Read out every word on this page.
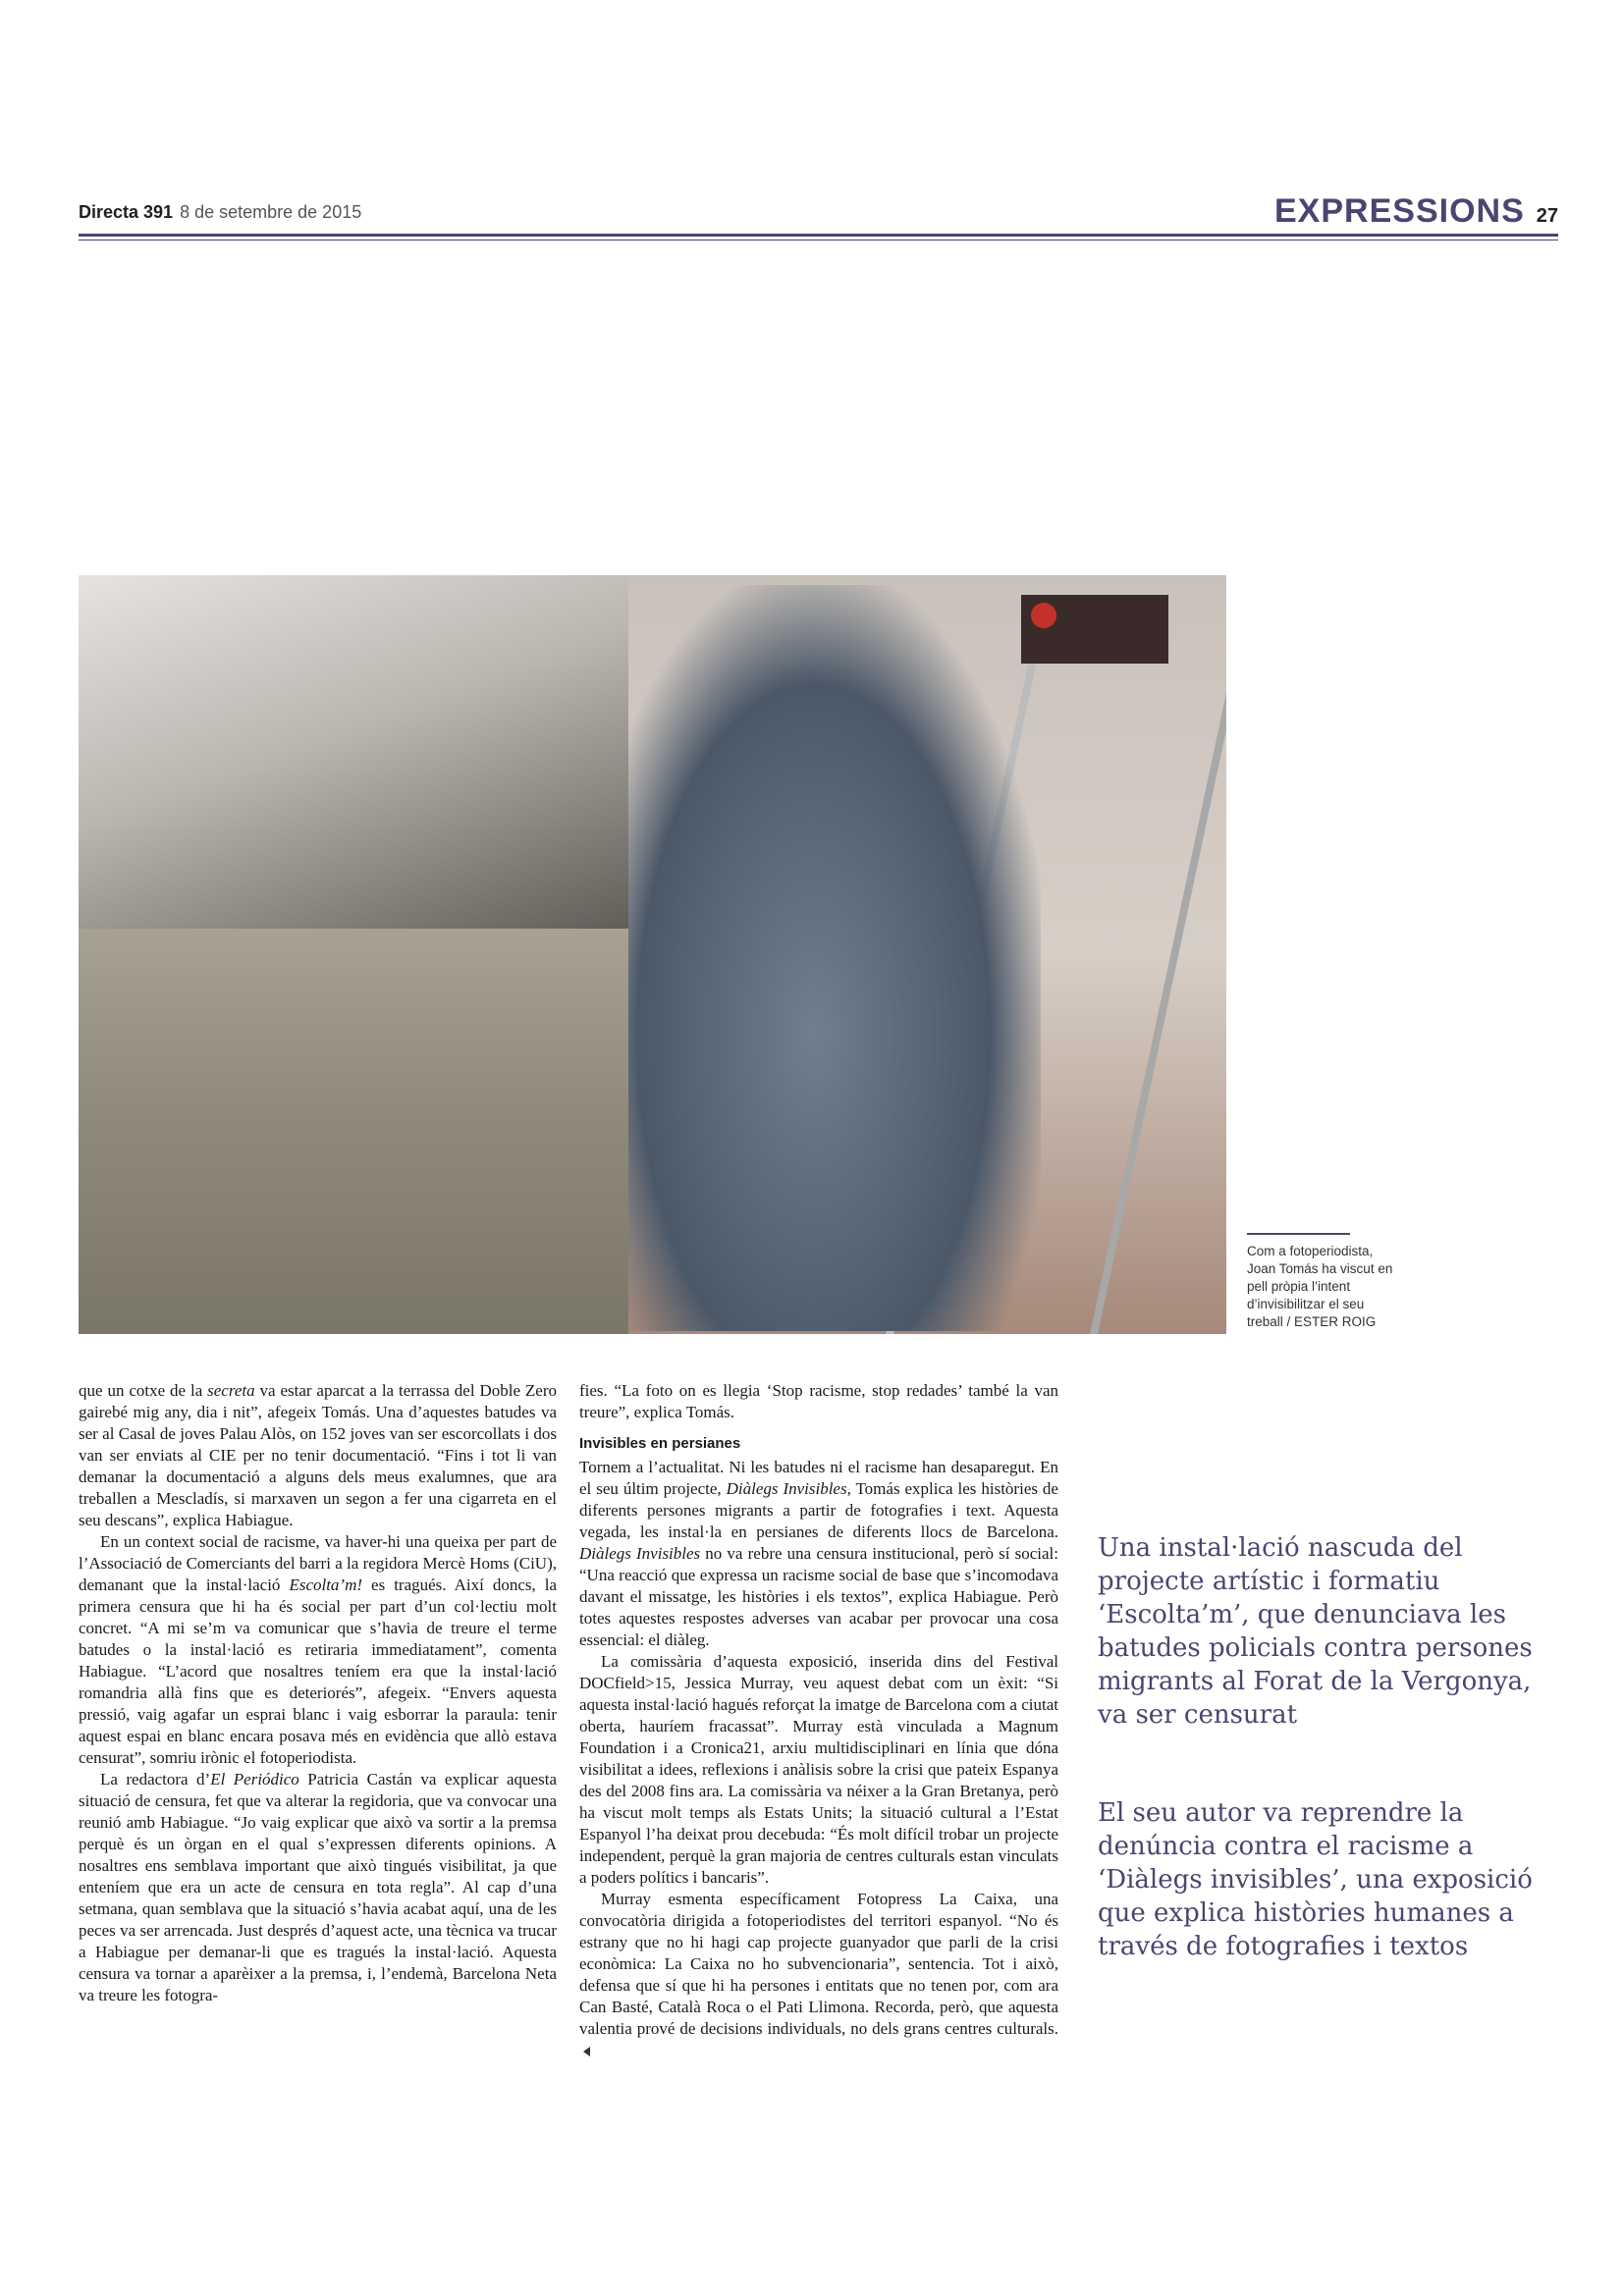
Directa 391 8 de setembre de 2015	EXPRESSIONS 27
Com a fotoperiodista, Joan Tomás ha viscut en pell pròpia l’intent d’invisibilitzar el seu treball / ESTER ROIG

que un cotxe de la secreta va estar aparcat a la terrassa del Doble Zero gairebé mig any, dia i nit”, afegeix Tomás. Una d’aquestes batudes va ser al Casal de joves Palau Alòs, on 152 joves van ser escorcollats i dos van ser enviats al CIE per no tenir documentació. “Fins i tot li van demanar la documentació a alguns dels meus exalumnes, que ara treballen a Mescladís, si marxaven un segon a fer una cigarreta en el seu descans”, explica Habiague.

En un context social de racisme, va haver-hi una queixa per part de l’Associació de Comerciants del barri a la regidora Mercè Homs (CiU), demanant que la instal·lació Escolta’m! es tragués. Així doncs, la primera censura que hi ha és social per part d’un col·lectiu molt concret. “A mi se’m va comunicar que s’havia de treure el terme batudes o la instal·lació es retiraria immediatament”, comenta Habiague. “L’acord que nosaltres teníem era que la instal·lació romandria allà fins que es deteriorés”, afegeix. “Envers aquesta pressió, vaig agafar un esprai blanc i vaig esborrar la paraula: tenir aquest espai en blanc encara posava més en evidència que allò estava censurat”, somriu irònic el fotoperiodista.

La redactora d’El Periódico Patricia Castán va explicar aquesta situació de censura, fet que va alterar la regidoria, que va convocar una reunió amb Habiague. “Jo vaig explicar que això va sortir a la premsa perquè és un òrgan en el qual s’expressen diferents opinions. A nosaltres ens semblava important que això tingués visibilitat, ja que enteníem que era un acte de censura en tota regla”. Al cap d’una setmana, quan semblava que la situació s’havia acabat aquí, una de les peces va ser arrencada. Just després d’aquest acte, una tècnica va trucar a Habiague per demanar-li que es tragués la instal·lació. Aquesta censura va tornar a aparèixer a la premsa, i, l’endemà, Barcelona Neta va treure les fotogra-

fies. “La foto on es llegia ‘Stop racisme, stop redades’ també la van treure”, explica Tomás.

Invisibles en persianes

Tornem a l’actualitat. Ni les batudes ni el racisme han desaparegut. En el seu últim projecte, Diàlegs Invisibles, Tomás explica les històries de diferents persones migrants a partir de fotografies i text. Aquesta vegada, les instal·la en persianes de diferents llocs de Barcelona. Diàlegs Invisibles no va rebre una censura institucional, però sí social: “Una reacció que expressa un racisme social de base que s’incomodava davant el missatge, les històries i els textos”, explica Habiague. Però totes aquestes respostes adverses van acabar per provocar una cosa essencial: el diàleg.

La comissària d’aquesta exposició, inserida dins del Festival DOCfield>15, Jessica Murray, veu aquest debat com un èxit: “Si aquesta instal·lació hagués reforçat la imatge de Barcelona com a ciutat oberta, hauríem fracassat”. Murray està vinculada a Magnum Foundation i a Cronica21, arxiu multidisciplinari en línia que dóna visibilitat a idees, reflexions i anàlisis sobre la crisi que pateix Espanya des del 2008 fins ara. La comissària va néixer a la Gran Bretanya, però ha viscut molt temps als Estats Units; la situació cultural a l’Estat Espanyol l’ha deixat prou decebuda: “És molt difícil trobar un projecte independent, perquè la gran majoria de centres culturals estan vinculats a poders polítics i bancaris”.

Murray esmenta específicament Fotopress La Caixa, una convocatòria dirigida a fotoperiodistes del territori espanyol. “No és estrany que no hi hagi cap projecte guanyador que parli de la crisi econòmica: La Caixa no ho subvencionaria”, sentencia. Tot i això, defensa que sí que hi ha persones i entitats que no tenen por, com ara Can Basté, Català Roca o el Pati Llimona. Recorda, però, que aquesta valentia prové de decisions individuals, no dels grans centres culturals.

Una instal·lació nascuda del projecte artístic i formatiu ‘Escolta’m’, que denunciava les batudes policials contra persones migrants al Forat de la Vergonya, va ser censurat
El seu autor va reprendre la denúncia contra el racisme a ‘Diàlegs invisibles’, una exposició que explica històries humanes a través de fotografies i textos
